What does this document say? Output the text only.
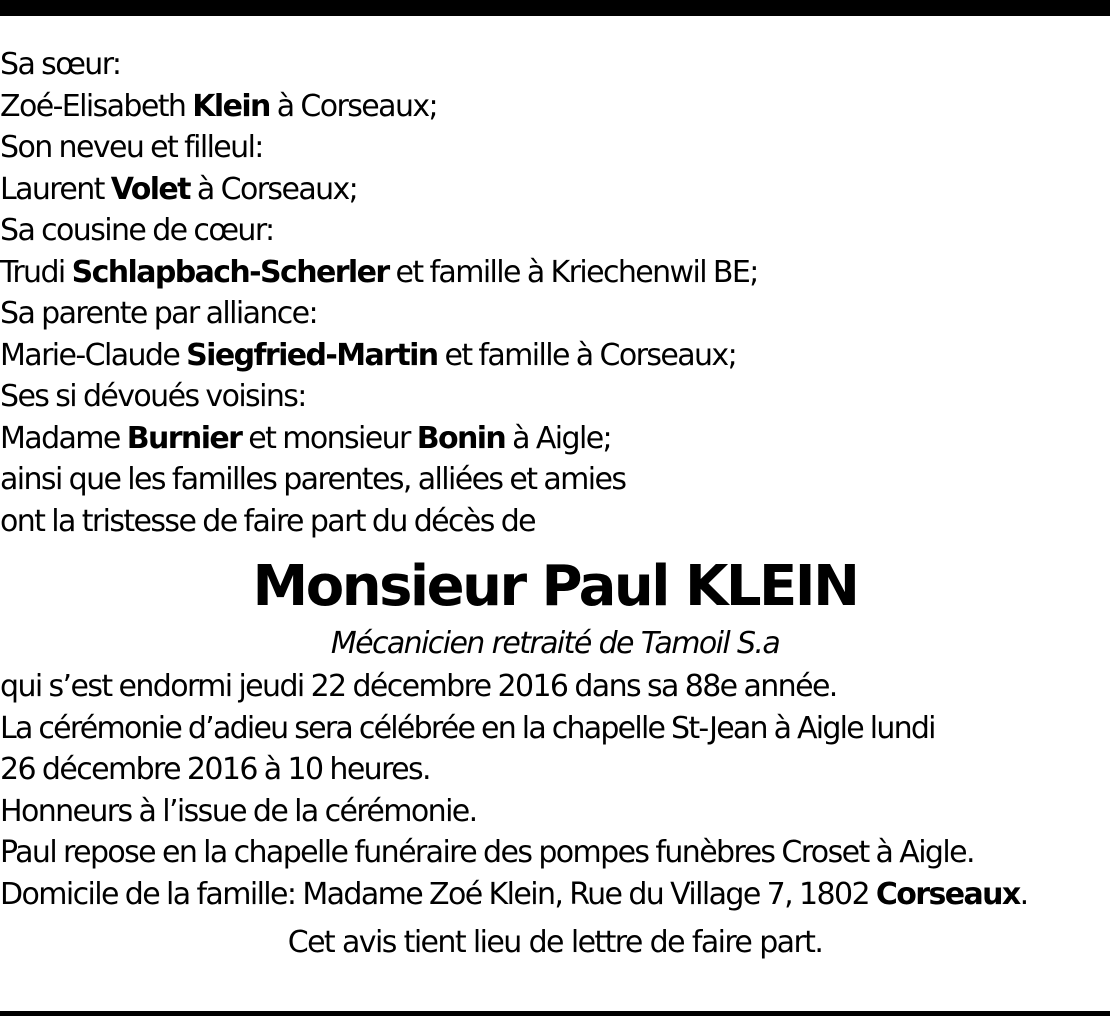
Sa sœur:
Zoé-Elisabeth Klein à Corseaux;
Son neveu et filleul:
Laurent Volet à Corseaux;
Sa cousine de cœur:
Trudi Schlapbach-Scherler et famille à Kriechenwil BE;
Sa parente par alliance:
Marie-Claude Siegfried-Martin et famille à Corseaux;
Ses si dévoués voisins:
Madame Burnier et monsieur Bonin à Aigle;
ainsi que les familles parentes, alliées et amies
ont la tristesse de faire part du décès de
Monsieur Paul KLEIN
Mécanicien retraité de Tamoil S.a
qui s’est endormi jeudi 22 décembre 2016 dans sa 88e année.
La cérémonie d’adieu sera célébrée en la chapelle St-Jean à Aigle lundi
26 décembre 2016 à 10 heures.
Honneurs à l’issue de la cérémonie.
Paul repose en la chapelle funéraire des pompes funèbres Croset à Aigle.
Domicile de la famille: Madame Zoé Klein, Rue du Village 7, 1802 Corseaux.
Cet avis tient lieu de lettre de faire part.
